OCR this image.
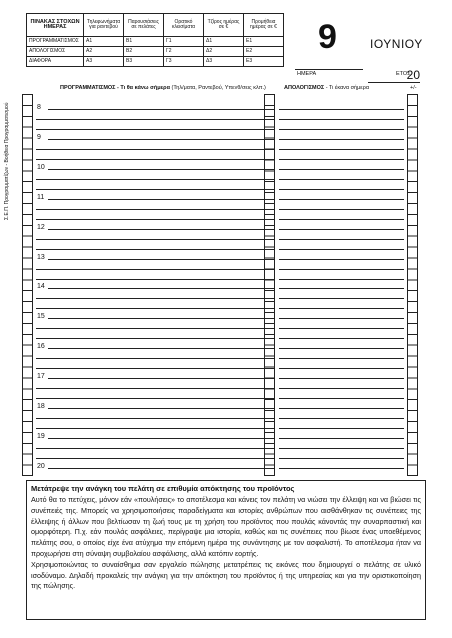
ΠΙΝΑΚΑΣ ΣΤΟΧΩΝ ΗΜΕΡΑΣ	Τηλεφωνήματα για ραντεβού	Παρουσιάσεις σε πελάτες	Ορατικό κλεισίματα	Τζίρος ημέρας σε €	Προμήθεια ημέρας σε €
ΠΡΟΓΡΑΜΜΑΤΙΣΜΟΣ	Α1	Β1	Γ1	Δ1	Ε1
ΑΠΟΛΟΓΙΣΜΟΣ	Α2	Β2	Γ2	Δ2	Ε2
ΔΙΑΦΟΡΑ	Α3	Β3	Γ3	Δ3	Ε3
9	ΙΟΥΝΙΟΥ
ΗΜΕΡΑ	20
ΕΤΟΣ
ΠΡΟΓΡΑΜΜΑΤΙΣΜΟΣ - Τι θα κάνω σήμερα (Τηλ/ματα, Ραντεβού, Υπενθ/σεις κλπ.)	ΑΠΟΛΟΓΙΣΜΟΣ - Τι έκανα σήμερα	+/-
Σ.Ε.Π. Προγραμματίζων - Βοήθεια Προγραμματισμού	8
9
10
11
12
13
14
15
16
17
18
19
20
Μετάτρεψε την ανάγκη του πελάτη σε επιθυμία απόκτησης του προϊόντος

Αυτό θα το πετύχεις, μόνον εάν «πουλήσεις» το αποτέλεσμα και κάνεις τον πελάτη να νιώσει την έλλειψη και να βιώσει τις συνέπειές της. Μπορείς να χρησιμοποιήσεις παραδείγματα και ιστορίες ανθρώπων που αισθάνθηκαν τις συνέπειες της έλλειψης ή άλλων που βελτίωσαν τη ζωή τους με τη χρήση του προϊόντος που πουλάς κάνοντάς την συναρπαστική και ομορφότερη. Π.χ. εάν πουλάς ασφάλειες, περίγραψε μια ιστορία, καθώς και τις συνέπειες που βίωσε ένας υποεθέμενος πελάτης σου, ο οποίος είχε ένα ατύχημα την επόμενη ημέρα της συνάντησης με τον ασφαλιστή. Το αποτέλεσμα ήταν να προχωρήσει στη σύναψη συμβολαίου ασφάλισης, αλλά κατόπιν εορτής.

Χρησιμοποιώντας το συναίσθημα σαν εργαλείο πώλησης μετατρέπεις τις εικόνες που δημιουργεί ο πελάτης σε υλικό ισοδύναμο. Δηλαδή προκαλείς την ανάγκη για την απόκτηση του προϊόντος ή της υπηρεσίας και για την οριστικοποίηση της πώλησης.
